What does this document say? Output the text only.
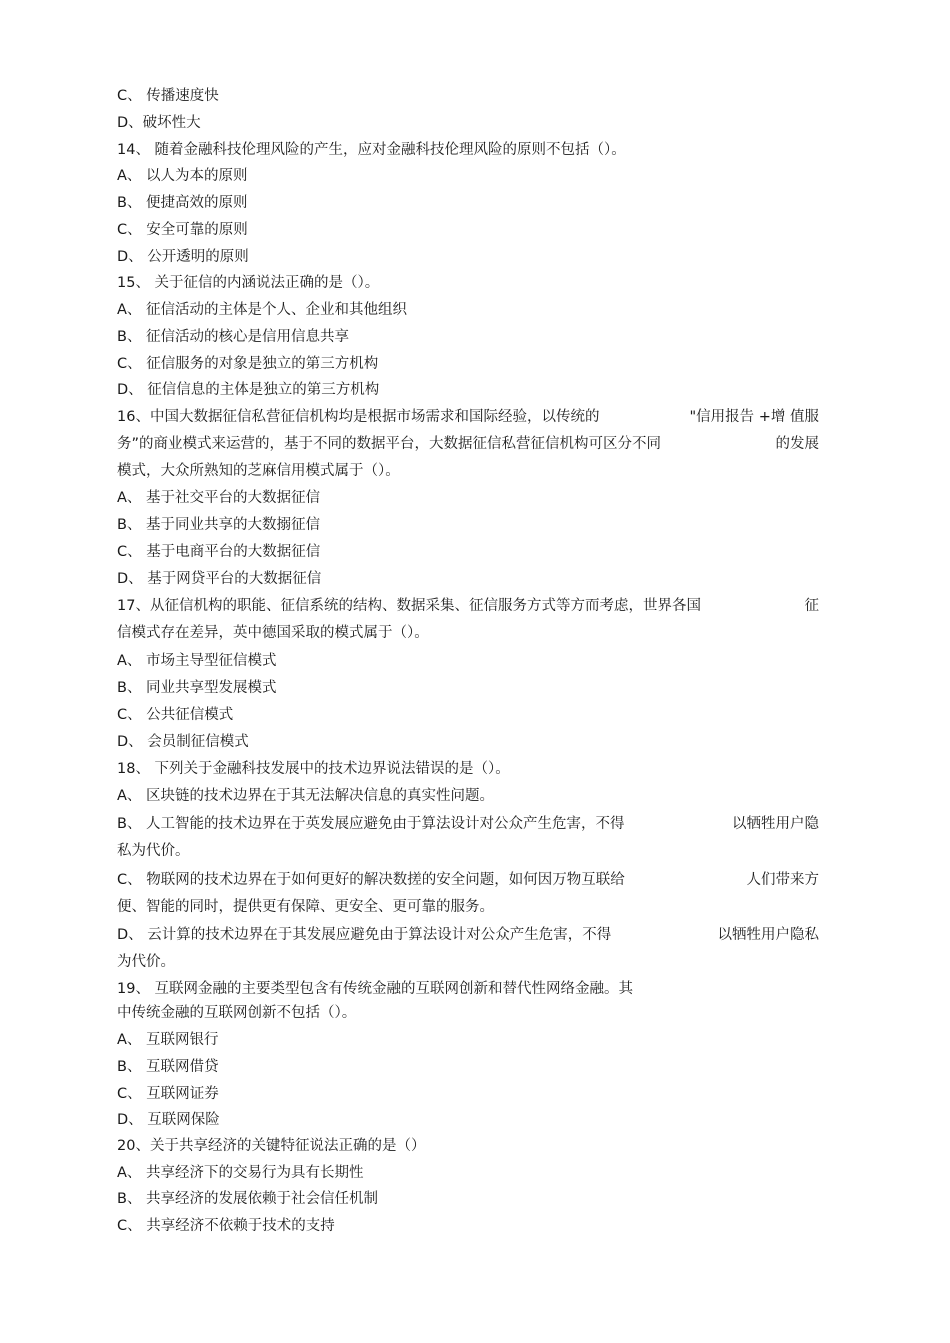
C、 传播速度快
D、破坏性大
14、 随着金融科技伦理风险的产生，应对金融科技伦理风险的原则不包括（）。
A、 以人为本的原则
B、 便捷高效的原则
C、 安全可靠的原则
D、 公开透明的原则
15、 关于征信的内涵说法正确的是（）。
A、 征信活动的主体是个人、企业和其他组织
B、 征信活动的核心是信用信息共享
C、 征信服务的对象是独立的第三方机构
D、 征信信息的主体是独立的第三方机构
16、中国大数据征信私营征信机构均是根据市场需求和国际经验，以传统的	"信用报告 +增 值服
务”的商业模式来运营的，基于不同的数据平台，大数据征信私营征信机构可区分不同	的发展
模式，大众所熟知的芝麻信用模式属于（）。
A、 基于社交平台的大数据征信
B、 基于同业共享的大数搦征信
C、 基于电商平台的大数据征信
D、 基于网贷平台的大数据征信
17、从征信机构的职能、征信系统的结构、数据采集、征信服务方式等方而考虑，世界各国	征
信模式存在差异，英中德国采取的模式属于（）。
A、 市场主导型征信模式
B、 同业共享型发展模式
C、 公共征信模式
D、 会员制征信模式
18、 下列关于金融科技发展中的技术边界说法错误的是（）。
A、 区块链的技术边界在于其无法解决信息的真实性问题。
B、 人工智能的技术边界在于英发展应避免由于算法设计对公众产生危害，不得	以牺牲用户隐
私为代价。
C、 物联网的技术边界在于如何更好的解决数搓的安全问题，如何因万物互联给	人们带来方
便、智能的同时，提供更有保障、更安全、更可靠的服务。
D、 云计算的技术边界在于其发展应避免由于算法设计对公众产生危害，不得	以牺牲用户隐私
为代价。
19、 互联网金融的主要类型包含有传统金融的互联网创新和替代性网络金融。其
中传统金融的互联网创新不包括（）。
A、 互联网银行
B、 互联网借贷
C、 互联网证券
D、 互联网保险
20、关于共享经济的关键特征说法正确的是（）
A、 共享经济下的交易行为具有长期性
B、 共享经济的发展依赖于社会信任机制
C、 共享经济不依赖于技术的支持
